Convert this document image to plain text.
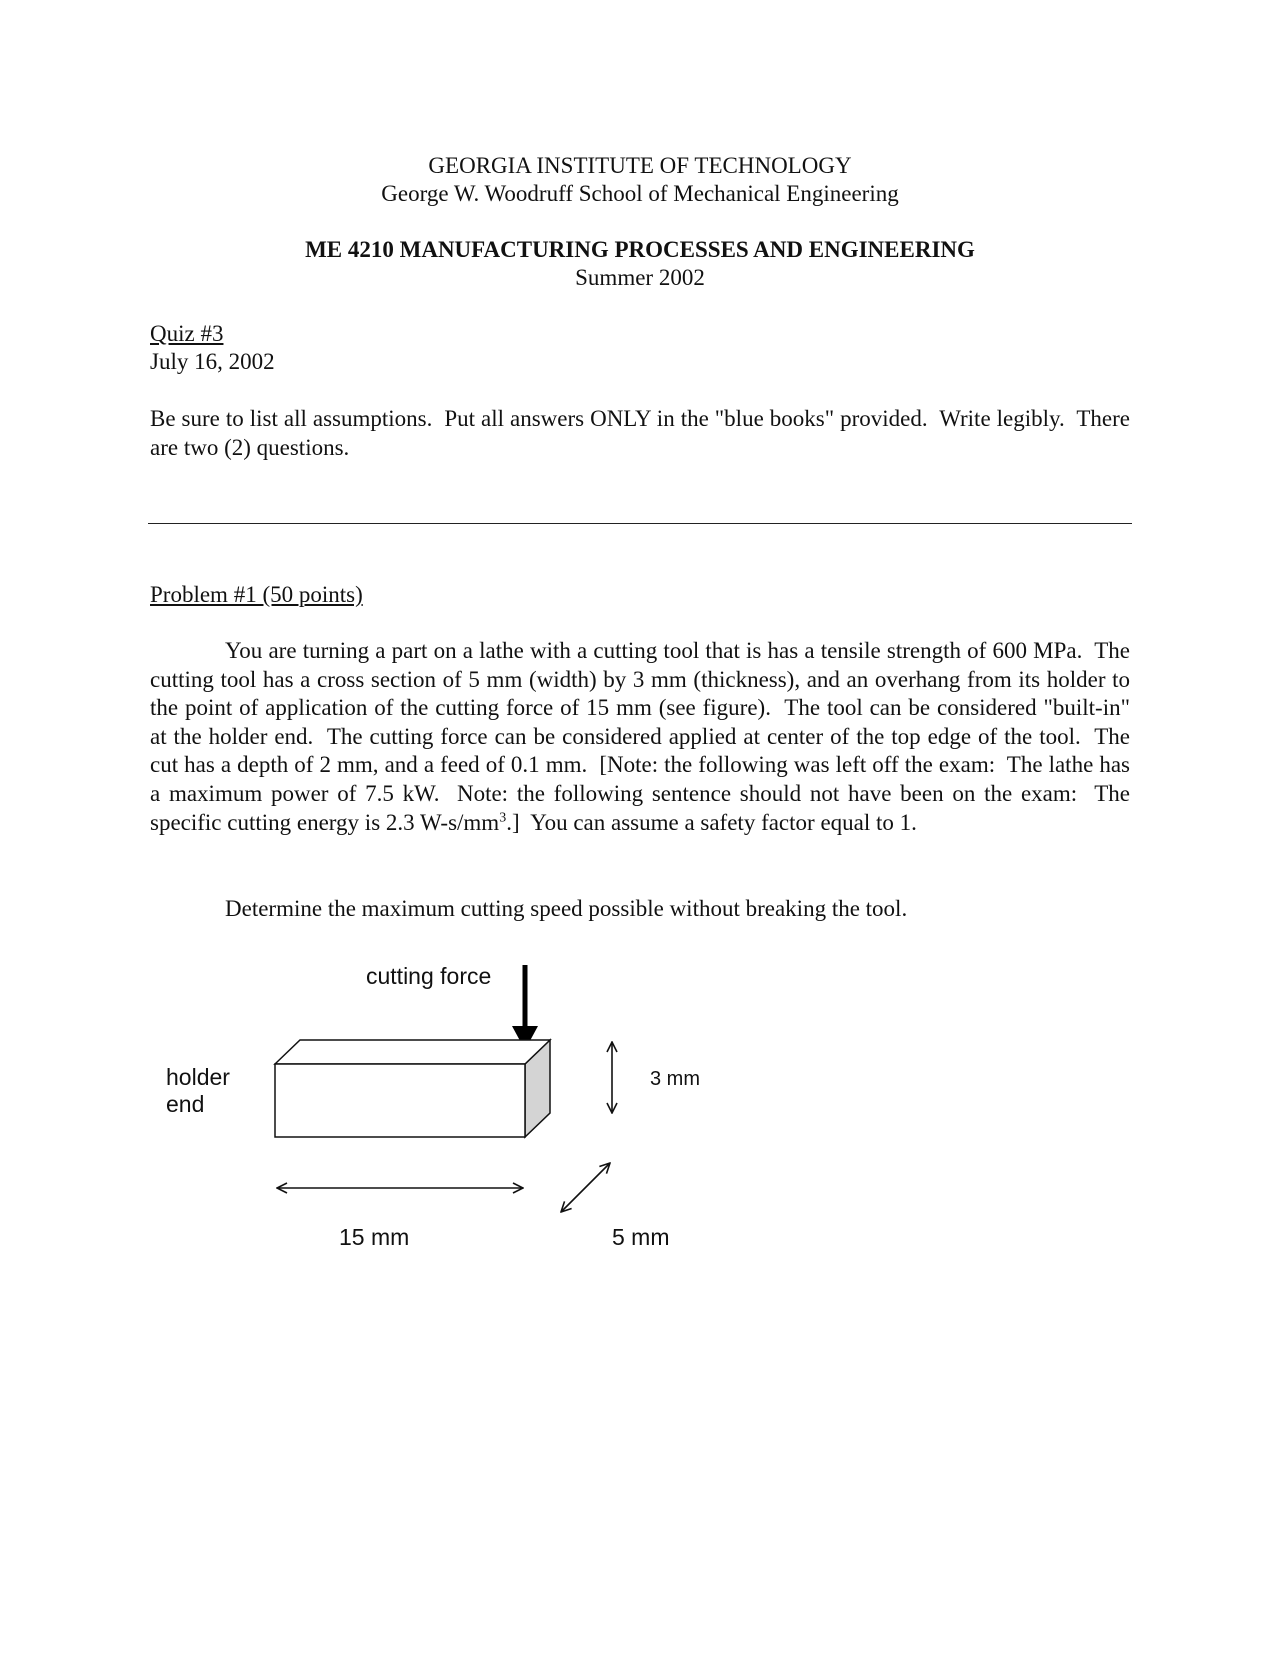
GEORGIA INSTITUTE OF TECHNOLOGY
George W. Woodruff School of Mechanical Engineering
ME 4210 MANUFACTURING PROCESSES AND ENGINEERING
Summer 2002
Quiz #3
July 16, 2002
Be sure to list all assumptions.  Put all answers ONLY in the "blue books" provided.  Write legibly.  There are two (2) questions.
Problem #1 (50 points)
You are turning a part on a lathe with a cutting tool that is has a tensile strength of 600 MPa.  The cutting tool has a cross section of 5 mm (width) by 3 mm (thickness), and an overhang from its holder to the point of application of the cutting force of 15 mm (see figure).  The tool can be considered "built-in" at the holder end.  The cutting force can be considered applied at center of the top edge of the tool.  The cut has a depth of 2 mm, and a feed of 0.1 mm.  [Note: the following was left off the exam:  The lathe has a maximum power of 7.5 kW.  Note: the following sentence should not have been on the exam:  The specific cutting energy is 2.3 $W-s/mm^3$.]  You can assume a safety factor equal to 1.
Determine the maximum cutting speed possible without breaking the tool.
cutting force
holder
end
3 mm
15 mm	5 mm
